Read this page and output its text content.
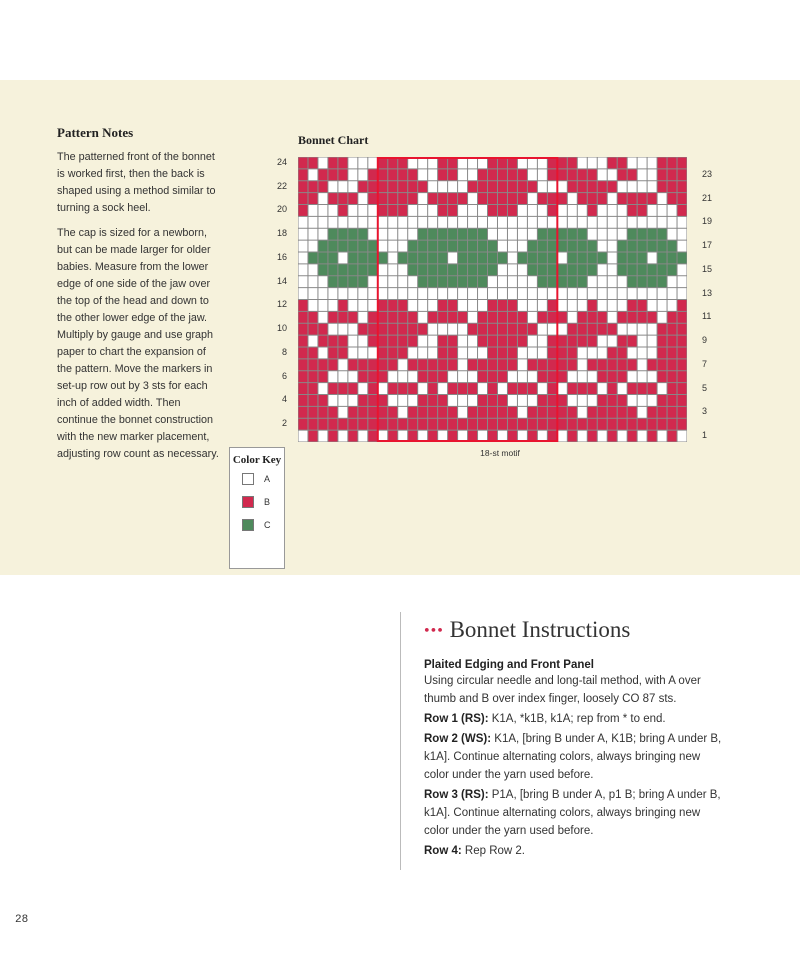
Pattern Notes

The patterned front of the bonnet is worked first, then the back is shaped using a method similar to turning a sock heel.

The cap is sized for a newborn, but can be made larger for older babies. Measure from the lower edge of one side of the jaw over the top of the head and down to the other lower edge of the jaw. Multiply by gauge and use graph paper to chart the expansion of the pattern. Move the markers in set-up row out by 3 sts for each inch of added width. Then continue the bonnet construction with the new marker placement, adjusting row count as necessary.

Bonnet Chart
24
22
20
18
16
14
12
10
8
6
4
2
23
21
19
17
15
13
11
9
7
5
3
1
18-st motif
Color Key
A
B
C
••• Bonnet Instructions
Plaited Edging and Front Panel

Using circular needle and long-tail method, with A over thumb and B over index finger, loosely CO 87 sts.

Row 1 (RS): K1A, *k1B, k1A; rep from * to end.

Row 2 (WS): K1A, [bring B under A, K1B; bring A under B, k1A]. Continue alternating colors, always bringing new color under the yarn used before.

Row 3 (RS): P1A, [bring B under A, p1 B; bring A under B, k1A]. Continue alternating colors, always bringing new color under the yarn used before.

Row 4: Rep Row 2.

28
